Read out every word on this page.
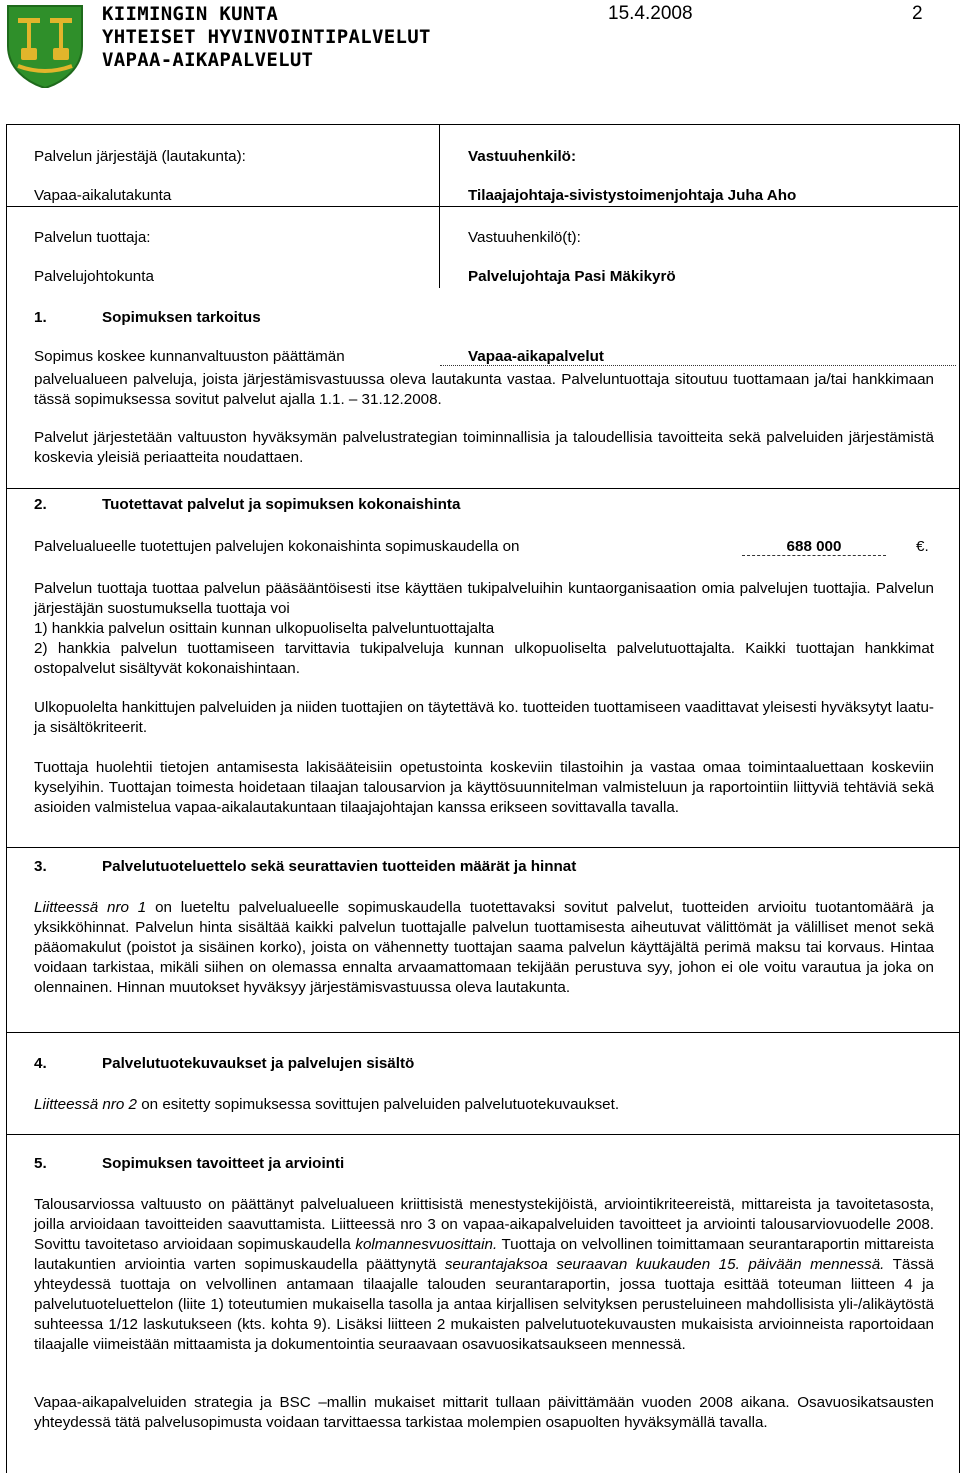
KIIMINGIN KUNTA
YHTEISET HYVINVOINTIPALVELUT
VAPAA-AIKAPALVELUT
15.4.2008	2
Palvelun järjestäjä (lautakunta):
Vapaa-aikalutakunta
Palvelun tuottaja:
Palvelujohtokunta
Vastuuhenkilö:
Tilaajajohtaja-sivistystoimenjohtaja Juha Aho
Vastuuhenkilö(t):
Palvelujohtaja Pasi Mäkikyrö
1.	Sopimuksen tarkoitus
Sopimus koskee kunnanvaltuuston päättämän	Vapaa-aikapalvelut
palvelualueen palveluja, joista järjestämisvastuussa oleva lautakunta vastaa. Palveluntuottaja sitoutuu tuottamaan ja/tai hankkimaan tässä sopimuksessa sovitut palvelut ajalla 1.1. – 31.12.2008.
Palvelut järjestetään valtuuston hyväksymän palvelustrategian toiminnallisia ja taloudellisia tavoitteita sekä palveluiden järjestämistä koskevia yleisiä periaatteita noudattaen.
2.	Tuotettavat palvelut ja sopimuksen kokonaishinta
Palvelualueelle tuotettujen palvelujen kokonaishinta sopimuskaudella on	688 000	€.
Palvelun tuottaja tuottaa palvelun pääsääntöisesti itse käyttäen tukipalveluihin kuntaorganisaation omia palvelujen tuottajia. Palvelun järjestäjän suostumuksella tuottaja voi
1) hankkia palvelun osittain kunnan ulkopuoliselta palveluntuottajalta
2) hankkia palvelun tuottamiseen tarvittavia tukipalveluja kunnan ulkopuoliselta palvelutuottajalta. Kaikki tuottajan hankkimat ostopalvelut sisältyvät kokonaishintaan.
Ulkopuolelta hankittujen palveluiden ja niiden tuottajien on täytettävä ko. tuotteiden tuottamiseen vaadittavat yleisesti hyväksytyt laatu- ja sisältökriteerit.
Tuottaja huolehtii tietojen antamisesta lakisääteisiin opetustointa koskeviin tilastoihin ja vastaa omaa toimintaaluettaan koskeviin kyselyihin. Tuottajan toimesta hoidetaan tilaajan talousarvion ja käyttösuunnitelman valmisteluun ja raportointiin liittyviä tehtäviä sekä asioiden valmistelua vapaa-aikalautakuntaan tilaajajohtajan kanssa erikseen sovittavalla tavalla.
3.	Palvelutuoteluettelo sekä seurattavien tuotteiden määrät ja hinnat
Liitteessä nro 1 on lueteltu palvelualueelle sopimuskaudella tuotettavaksi sovitut palvelut, tuotteiden arvioitu tuotantomäärä ja yksikköhinnat. Palvelun hinta sisältää kaikki palvelun tuottajalle palvelun tuottamisesta aiheutuvat välittömät ja välilliset menot sekä pääomakulut (poistot ja sisäinen korko), joista on vähennetty tuottajan saama palvelun käyttäjältä perimä maksu tai korvaus. Hintaa voidaan tarkistaa, mikäli siihen on olemassa ennalta arvaamattomaan tekijään perustuva syy, johon ei ole voitu varautua ja joka on olennainen. Hinnan muutokset hyväksyy järjestämisvastuussa oleva lautakunta.
4.	Palvelutuotekuvaukset ja palvelujen sisältö
Liitteessä nro 2 on esitetty sopimuksessa sovittujen palveluiden palvelutuotekuvaukset.
5.	Sopimuksen tavoitteet ja arviointi
Talousarviossa valtuusto on päättänyt palvelualueen kriittisistä menestystekijöistä, arviointikriteereistä, mittareista ja tavoitetasosta, joilla arvioidaan tavoitteiden saavuttamista. Liitteessä nro 3 on vapaa-aikapalveluiden tavoitteet ja arviointi talousarviovuodelle 2008. Sovittu tavoitetaso arvioidaan sopimuskaudella kolmannesvuosittain. Tuottaja on velvollinen toimittamaan seurantaraportin mittareista lautakuntien arviointia varten sopimuskaudella päättynytä seurantajaksoa seuraavan kuukauden 15. päivään mennessä. Tässä yhteydessä tuottaja on velvollinen antamaan tilaajalle talouden seurantaraportin, jossa tuottaja esittää toteuman liitteen 4 ja palvelutuoteluettelon (liite 1) toteutumien mukaisella tasolla ja antaa kirjallisen selvityksen perusteluineen mahdollisista yli-/alikäytöstä suhteessa 1/12 laskutukseen (kts. kohta 9). Lisäksi liitteen 2 mukaisten palvelutuotekuvausten mukaisista arvioinneista raportoidaan tilaajalle viimeistään mittaamista ja dokumentointia seuraavaan osavuosikatsaukseen mennessä.
Vapaa-aikapalveluiden strategia ja BSC –mallin mukaiset mittarit tullaan päivittämään vuoden 2008 aikana. Osavuosikatsausten yhteydessä tätä palvelusopimusta voidaan tarvittaessa tarkistaa molempien osapuolten hyväksymällä tavalla.
